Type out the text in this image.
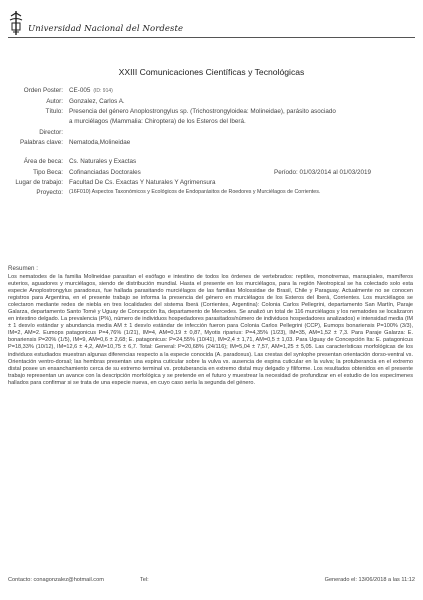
Universidad Nacional del Nordeste
XXIII Comunicaciones Científicas y Tecnológicas
Orden Poster: CE-005 (ID: 914)
Autor: Gonzalez, Carlos A.
Título: Presencia del género Anoplostrongylus sp. (Trichostrongyloidea: Molineidae), parásito asociado
a murciélagos (Mammalia: Chiroptera) de los Esteros del Iberá.
Director:
Palabras clave: Nematoda,Molineidae
Área de beca: Cs. Naturales y Exactas
Tipo Beca: Cofinanciadas Doctorales	Período: 01/03/2014 al 01/03/2019
Lugar de trabajo: Facultad De Cs. Exactas Y Naturales Y Agrimensura
Proyecto: (16F010) Aspectos Taxonómicos y Ecológicos de Endoparásitos de Roedores y Murciélagos de Corrientes.
Resumen :

Los nematodes de la familia Molineidae parasitan el esófago e intestino de todos los órdenes de vertebrados: reptiles, monotremas, marsupiales, mamíferos euterios, aguadores y murciélagos, siendo de distribución mundial. Hasta el presente en los murciélagos, para la región Neotropical se ha colectado solo esta especie Anoplostrongylus paradoxus, fue hallada parasitando murciélagos de las familias Molossidae de Brasil, Chile y Paraguay. Actualmente no se conocen registros para Argentina, en el presente trabajo se informa la presencia del género en murciélagos de los Esteros del Iberá, Corrientes. Los murciélagos se colectaron mediante redes de niebla en tres localidades del sistema Iberá (Corrientes, Argentina): Colonia Carlos Pellegrini, departamento San Martín, Paraje Galarza, departamento Santo Tomé y Uguay de Concepción Ita, departamento de Mercedes. Se analizó un total de 116 murciélagos y los nematodes se localizaron en intestino delgado. La prevalencia (P%), número de individuos hospedadores parasitados/número de individuos hospedadores analizados) e intensidad media (IM ± 1 desvío estándar y abundancia media AM ± 1 desvío estándar de infección fueron para Colonia Carlos Pellegrini (CCP), Eumops bonariensis P=100% (3/3), IM=2, AM=2. Eumops patagonicus P=4,76% (1/21), IM=4, AM=0,19 ± 0,87, Myotis riparius: P=4,35% (1/23), IM=35, AM=1,52 ± 7,3. Para Paraje Galarza: E. bonariensis P=20% (1/5), IM=9, AM=0,6 ± 2,68; E. patagonicus: P=24,55% (10/41), IM=2,4 ± 1,71, AM=0,5 ± 1,03. Para Uguay de Concepción Ita: E. patagonicus P=18,33% (10/12), IM=12,6 ± 4,2, AM=10,75 ± 6,7. Total: General: P=20,68% (24/116); IM=5,04 ± 7,57, AM=1,25 ± 5,05. Las características morfológicas de los individuos estudiados muestran algunas diferencias respecto a la especie conocida (A. paradoxus). Las crestas del synlophe presentan orientación dorso-ventral vs. Orientación ventro-dorsal; las hembras presentan una espina cuticular sobre la vulva vs. ausencia de espina cuticular en la vulva; la protuberancia en el extremo distal posee un ensanchamiento cerca de su extremo terminal vs. protuberancia en extremo distal muy delgado y filiforme. Los resultados obtenidos en el presente trabajo representan un avance con la descripción morfológica y se pretende en el futuro y muestrear la necesidad de profundizar en el estudio de los especímenes hallados para confirmar si se trata de una especie nueva, en cuyo caso sería la segunda del género.

Contacto: conagonzalez@hotmail.com	Tel:	Generado el: 13/06/2018 a las 11:12
